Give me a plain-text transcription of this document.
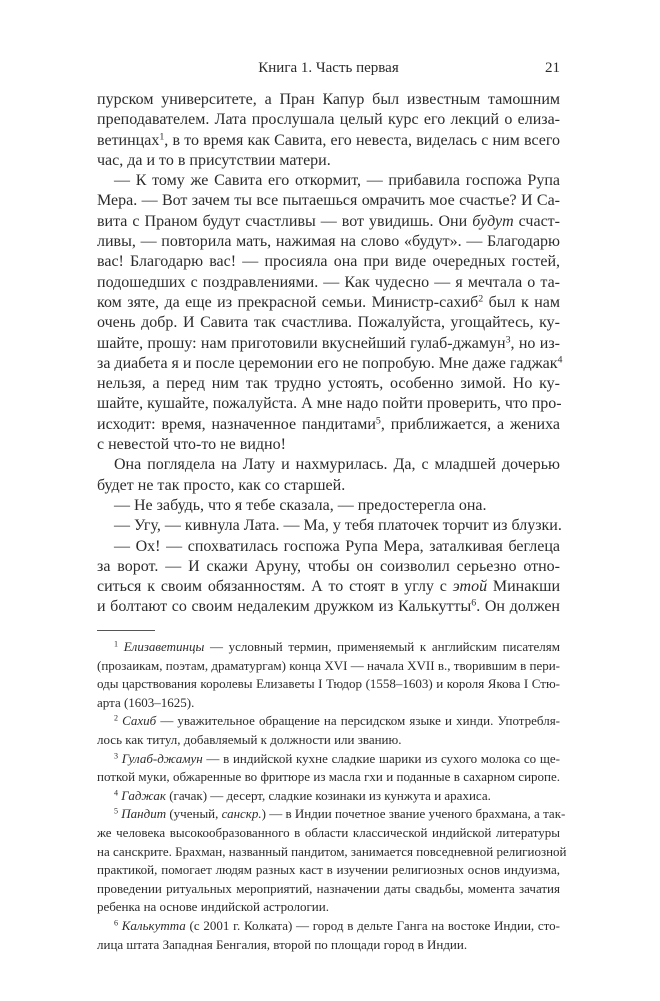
Книга 1. Часть первая	21
пурском университете, а Пран Капур был известным тамошним
преподавателем. Лата прослушала целый курс его лекций о елиза-
ветинцах$^1$, в то время как Савита, его невеста, виделась с ним всего
час, да и то в присутствии матери.
— К тому же Савита его откормит, — прибавила госпожа Рупа
Мера. — Вот зачем ты все пытаешься омрачить мое счастье? И Са-
вита с Праном будут счастливы — вот увидишь. Они будут счаст-
ливы, — повторила мать, нажимая на слово «будут». — Благодарю
вас! Благодарю вас! — просияла она при виде очередных гостей,
подошедших с поздравлениями. — Как чудесно — я мечтала о та-
ком зяте, да еще из прекрасной семьи. Министр-сахиб$^2$ был к нам
очень добр. И Савита так счастлива. Пожалуйста, угощайтесь, ку-
шайте, прошу: нам приготовили вкуснейший гулаб-джамун$^3$, но из-
за диабета я и после церемонии его не попробую. Мне даже гаджак$^4$
нельзя, а перед ним так трудно устоять, особенно зимой. Но ку-
шайте, кушайте, пожалуйста. А мне надо пойти проверить, что про-
исходит: время, назначенное пандитами$^5$, приближается, а жениха
с невестой что-то не видно!
Она поглядела на Лату и нахмурилась. Да, с младшей дочерью
будет не так просто, как со старшей.
— Не забудь, что я тебе сказала, — предостерегла она.
— Угу, — кивнула Лата. — Ма, у тебя платочек торчит из блузки.
— Ох! — спохватилась госпожа Рупа Мера, заталкивая беглеца
за ворот. — И скажи Аруну, чтобы он соизволил серьезно отно-
ситься к своим обязанностям. А то стоят в углу с этой Минакши
и болтают со своим недалеким дружком из Калькутты$^6$. Он должен
$^1$ Елизаветинцы — условный термин, применяемый к английским писателям
(прозаикам, поэтам, драматургам) конца XVI — начала XVII в., творившим в пери-
оды царствования королевы Елизаветы I Тюдор (1558–1603) и короля Якова I Стю-
арта (1603–1625).
$^2$ Сахиб — уважительное обращение на персидском языке и хинди. Употребля-
лось как титул, добавляемый к должности или званию.
$^3$ Гулаб-джамун — в индийской кухне сладкие шарики из сухого молока со ще-
поткой муки, обжаренные во фритюре из масла гхи и поданные в сахарном сиропе.
$^4$ Гаджак (гачак) — десерт, сладкие козинаки из кунжута и арахиса.
$^5$ Пандит (ученый, санскр.) — в Индии почетное звание ученого брахмана, а так-
же человека высокообразованного в области классической индийской литературы
на санскрите. Брахман, названный пандитом, занимается повседневной религиозной
практикой, помогает людям разных каст в изучении религиозных основ индуизма,
проведении ритуальных мероприятий, назначении даты свадьбы, момента зачатия
ребенка на основе индийской астрологии.
$^6$ Калькутта (с 2001 г. Колката) — город в дельте Ганга на востоке Индии, сто-
лица штата Западная Бенгалия, второй по площади город в Индии.
